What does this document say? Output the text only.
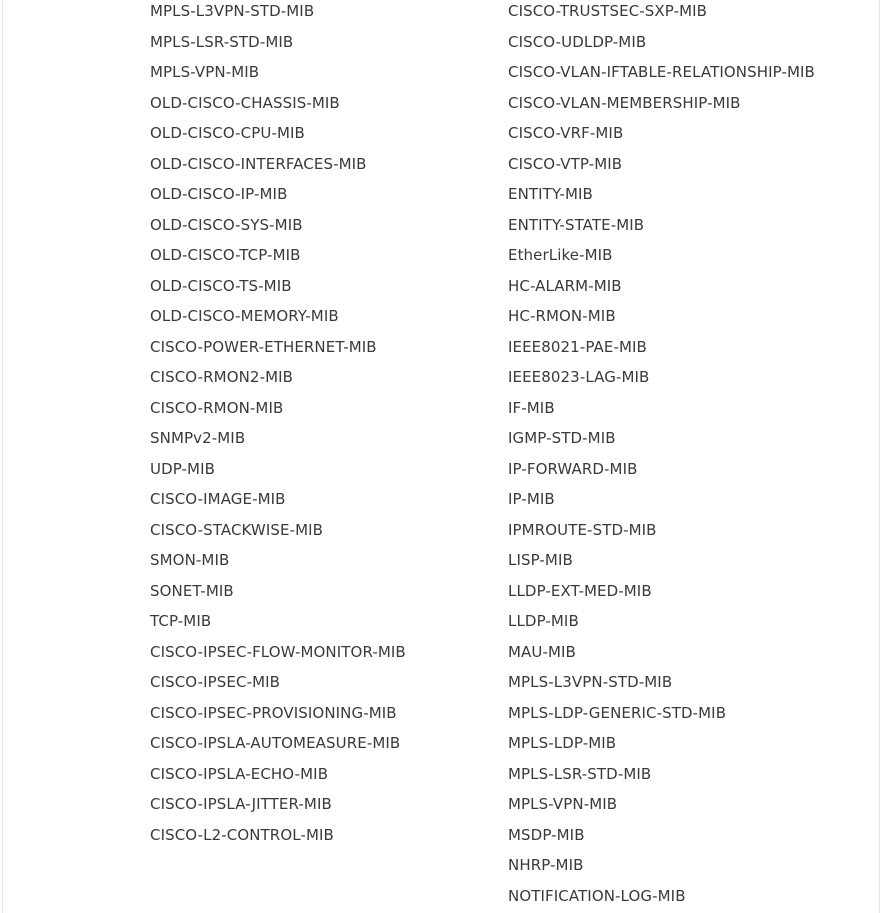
MPLS-L3VPN-STD-MIB
MPLS-LSR-STD-MIB
MPLS-VPN-MIB
OLD-CISCO-CHASSIS-MIB
OLD-CISCO-CPU-MIB
OLD-CISCO-INTERFACES-MIB
OLD-CISCO-IP-MIB
OLD-CISCO-SYS-MIB
OLD-CISCO-TCP-MIB
OLD-CISCO-TS-MIB
OLD-CISCO-MEMORY-MIB
CISCO-POWER-ETHERNET-MIB
CISCO-RMON2-MIB
CISCO-RMON-MIB
SNMPv2-MIB
UDP-MIB
CISCO-IMAGE-MIB
CISCO-STACKWISE-MIB
SMON-MIB
SONET-MIB
TCP-MIB
CISCO-IPSEC-FLOW-MONITOR-MIB
CISCO-IPSEC-MIB
CISCO-IPSEC-PROVISIONING-MIB
CISCO-IPSLA-AUTOMEASURE-MIB
CISCO-IPSLA-ECHO-MIB
CISCO-IPSLA-JITTER-MIB
CISCO-L2-CONTROL-MIB
CISCO-TRUSTSEC-SXP-MIB
CISCO-UDLDP-MIB
CISCO-VLAN-IFTABLE-RELATIONSHIP-MIB
CISCO-VLAN-MEMBERSHIP-MIB
CISCO-VRF-MIB
CISCO-VTP-MIB
ENTITY-MIB
ENTITY-STATE-MIB
EtherLike-MIB
HC-ALARM-MIB
HC-RMON-MIB
IEEE8021-PAE-MIB
IEEE8023-LAG-MIB
IF-MIB
IGMP-STD-MIB
IP-FORWARD-MIB
IP-MIB
IPMROUTE-STD-MIB
LISP-MIB
LLDP-EXT-MED-MIB
LLDP-MIB
MAU-MIB
MPLS-L3VPN-STD-MIB
MPLS-LDP-GENERIC-STD-MIB
MPLS-LDP-MIB
MPLS-LSR-STD-MIB
MPLS-VPN-MIB
MSDP-MIB
NHRP-MIB
NOTIFICATION-LOG-MIB
